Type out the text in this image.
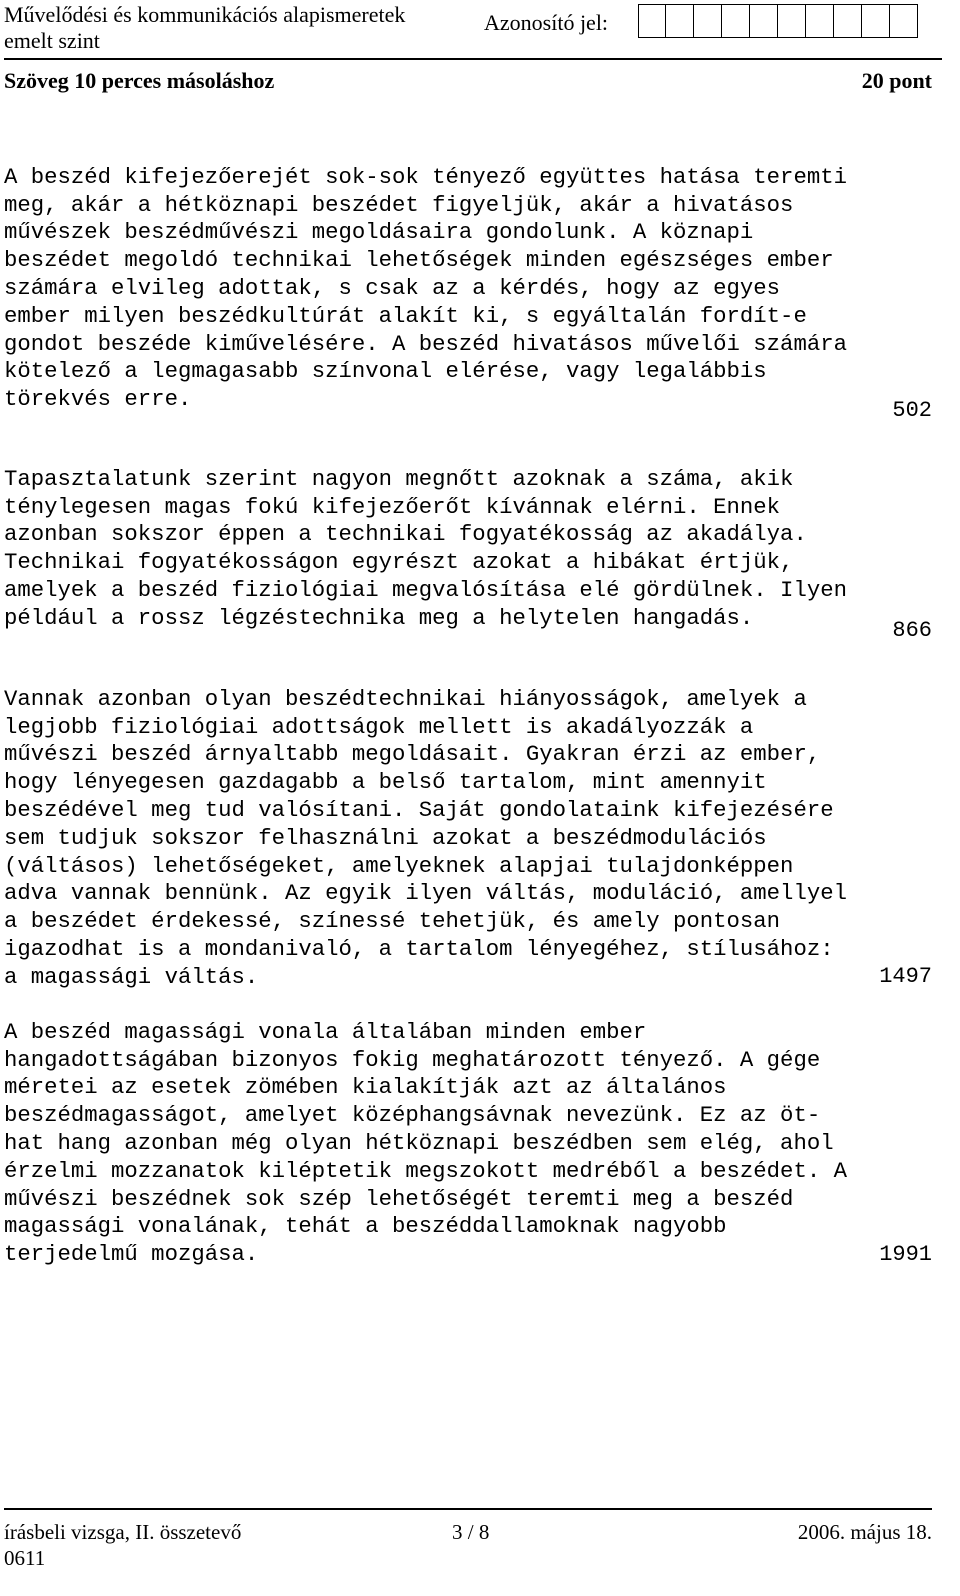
Művelődési és kommunikációs alapismeretek
emelt szint
Azonosító jel:
Szöveg 10 perces másoláshoz	20 pont

A beszéd kifejezőerejét sok-sok tényező együttes hatása teremti
meg, akár a hétköznapi beszédet figyeljük, akár a hivatásos
művészek beszédművészi megoldásaira gondolunk. A köznapi
beszédet megoldó technikai lehetőségek minden egészséges ember
számára elvileg adottak, s csak az a kérdés, hogy az egyes
ember milyen beszédkultúrát alakít ki, s egyáltalán fordít-e
gondot beszéde kiművelésére. A beszéd hivatásos művelői számára
kötelező a legmagasabb színvonal elérése, vagy legalábbis
törekvés erre.	502

Tapasztalatunk szerint nagyon megnőtt azoknak a száma, akik
ténylegesen magas fokú kifejezőerőt kívánnak elérni. Ennek
azonban sokszor éppen a technikai fogyatékosság az akadálya.
Technikai fogyatékosságon egyrészt azokat a hibákat értjük,
amelyek a beszéd fiziológiai megvalósítása elé gördülnek. Ilyen
például a rossz légzéstechnika meg a helytelen hangadás.	866

Vannak azonban olyan beszédtechnikai hiányosságok, amelyek a
legjobb fiziológiai adottságok mellett is akadályozzák a
művészi beszéd árnyaltabb megoldásait. Gyakran érzi az ember,
hogy lényegesen gazdagabb a belső tartalom, mint amennyit
beszédével meg tud valósítani. Saját gondolataink kifejezésére
sem tudjuk sokszor felhasználni azokat a beszédmodulációs
(váltásos) lehetőségeket, amelyeknek alapjai tulajdonképpen
adva vannak bennünk. Az egyik ilyen váltás, moduláció, amellyel
a beszédet érdekessé, színessé tehetjük, és amely pontosan
igazodhat is a mondanivaló, a tartalom lényegéhez, stílusához:
a magassági váltás.	1497

A beszéd magassági vonala általában minden ember
hangadottságában bizonyos fokig meghatározott tényező. A gége
méretei az esetek zömében kialakítják azt az általános
beszédmagasságot, amelyet középhangsávnak nevezünk. Ez az öt-
hat hang azonban még olyan hétköznapi beszédben sem elég, ahol
érzelmi mozzanatok kiléptetik megszokott medréből a beszédet. A
művészi beszédnek sok szép lehetőségét teremti meg a beszéd
magassági vonalának, tehát a beszéddallamoknak nagyobb
terjedelmű mozgása.	1991
írásbeli vizsga, II. összetevő	3 / 8	2006. május 18.
0611
